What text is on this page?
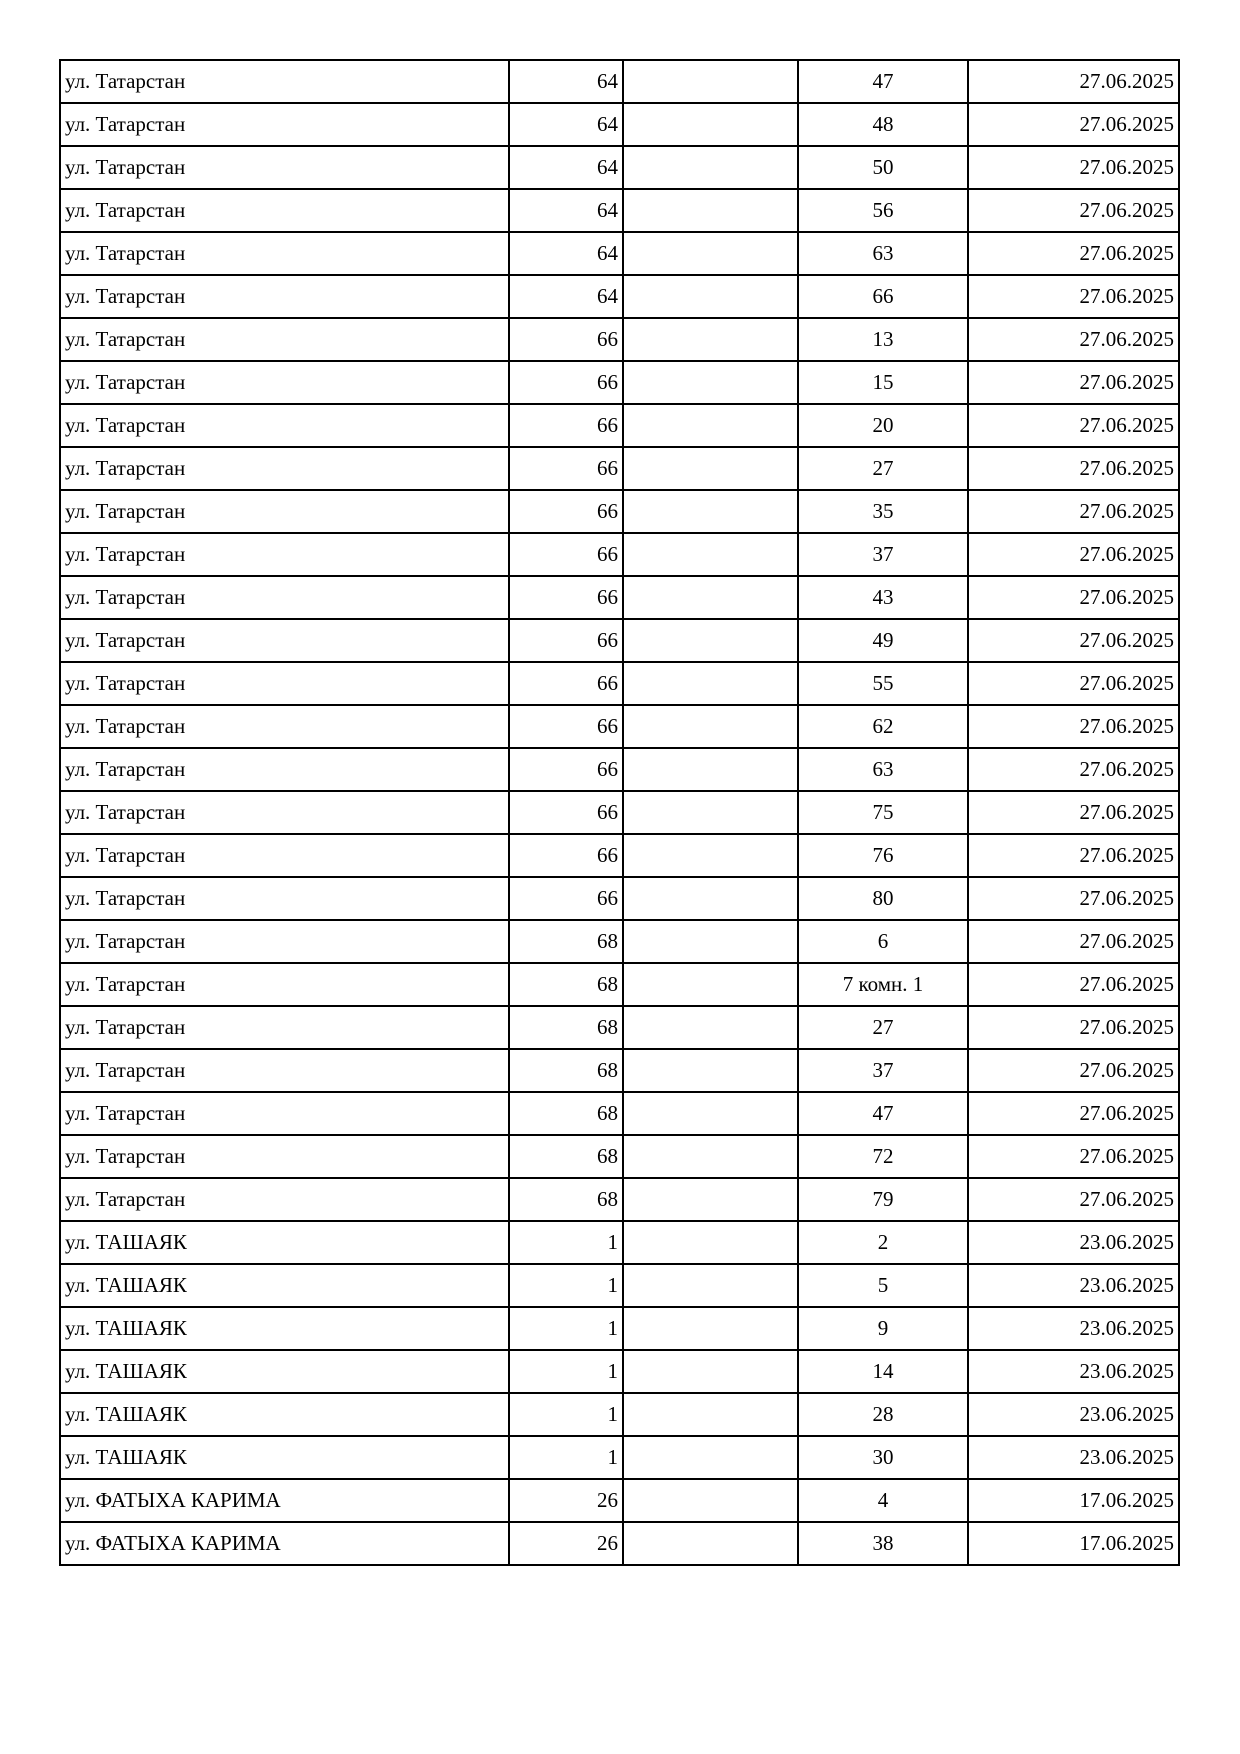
ул. Татарстан	64		47	27.06.2025
ул. Татарстан	64		48	27.06.2025
ул. Татарстан	64		50	27.06.2025
ул. Татарстан	64		56	27.06.2025
ул. Татарстан	64		63	27.06.2025
ул. Татарстан	64		66	27.06.2025
ул. Татарстан	66		13	27.06.2025
ул. Татарстан	66		15	27.06.2025
ул. Татарстан	66		20	27.06.2025
ул. Татарстан	66		27	27.06.2025
ул. Татарстан	66		35	27.06.2025
ул. Татарстан	66		37	27.06.2025
ул. Татарстан	66		43	27.06.2025
ул. Татарстан	66		49	27.06.2025
ул. Татарстан	66		55	27.06.2025
ул. Татарстан	66		62	27.06.2025
ул. Татарстан	66		63	27.06.2025
ул. Татарстан	66		75	27.06.2025
ул. Татарстан	66		76	27.06.2025
ул. Татарстан	66		80	27.06.2025
ул. Татарстан	68		6	27.06.2025
ул. Татарстан	68		7 комн. 1	27.06.2025
ул. Татарстан	68		27	27.06.2025
ул. Татарстан	68		37	27.06.2025
ул. Татарстан	68		47	27.06.2025
ул. Татарстан	68		72	27.06.2025
ул. Татарстан	68		79	27.06.2025
ул. ТАШАЯК	1		2	23.06.2025
ул. ТАШАЯК	1		5	23.06.2025
ул. ТАШАЯК	1		9	23.06.2025
ул. ТАШАЯК	1		14	23.06.2025
ул. ТАШАЯК	1		28	23.06.2025
ул. ТАШАЯК	1		30	23.06.2025
ул. ФАТЫХА КАРИМА	26		4	17.06.2025
ул. ФАТЫХА КАРИМА	26		38	17.06.2025
